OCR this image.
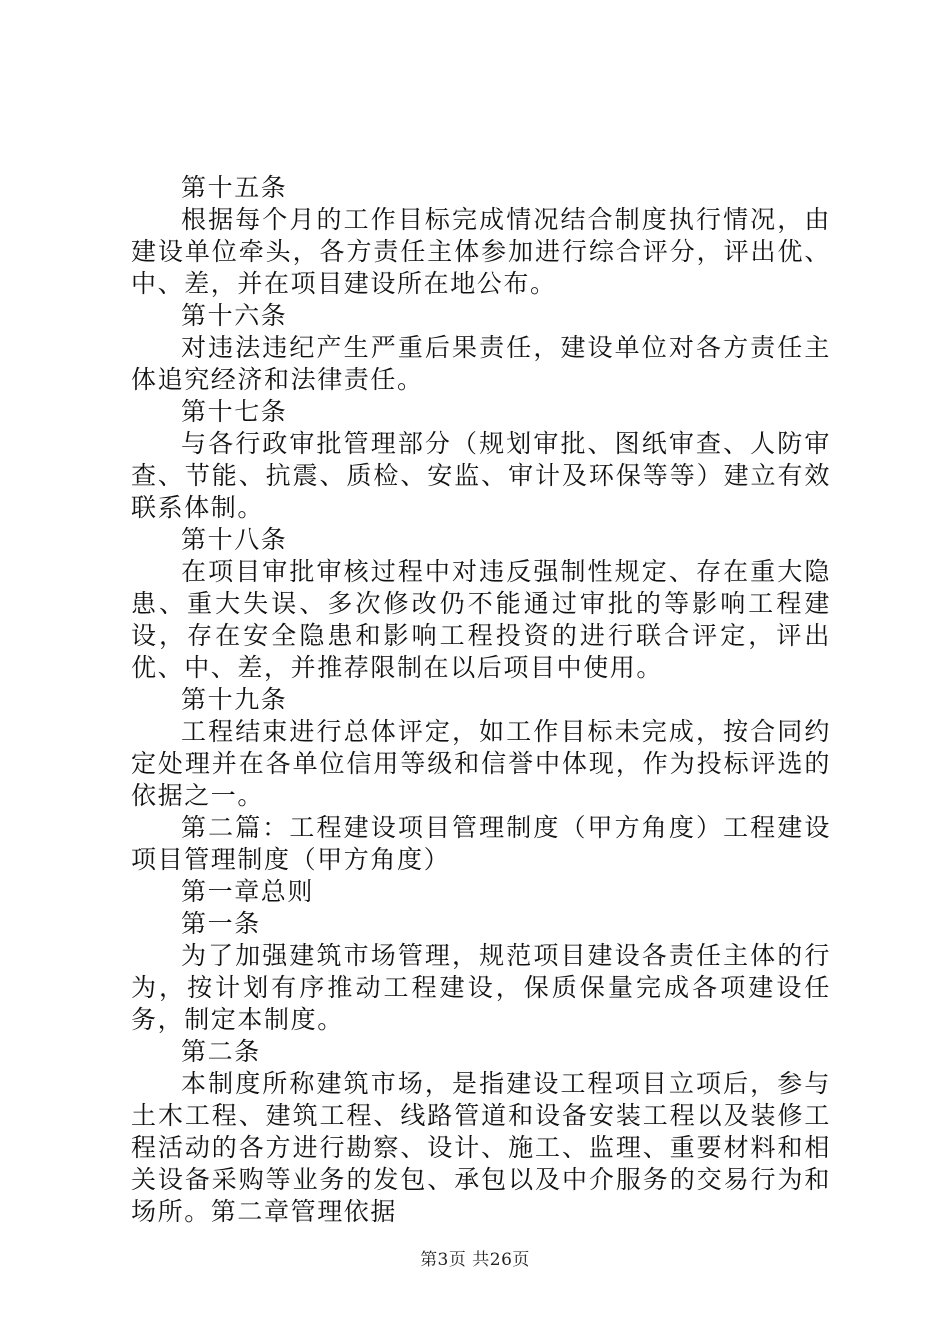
第十五条

根据每个月的工作目标完成情况结合制度执行情况，由建设单位牵头，各方责任主体参加进行综合评分，评出优、中、差，并在项目建设所在地公布。

第十六条

对违法违纪产生严重后果责任，建设单位对各方责任主体追究经济和法律责任。

第十七条

与各行政审批管理部分（规划审批、图纸审查、人防审查、节能、抗震、质检、安监、审计及环保等等）建立有效联系体制。

第十八条

在项目审批审核过程中对违反强制性规定、存在重大隐患、重大失误、多次修改仍不能通过审批的等影响工程建设，存在安全隐患和影响工程投资的进行联合评定，评出优、中、差，并推荐限制在以后项目中使用。

第十九条

工程结束进行总体评定，如工作目标未完成，按合同约定处理并在各单位信用等级和信誉中体现，作为投标评选的依据之一。

第二篇：工程建设项目管理制度（甲方角度）工程建设项目管理制度（甲方角度）

第一章总则

第一条

为了加强建筑市场管理，规范项目建设各责任主体的行为，按计划有序推动工程建设，保质保量完成各项建设任务，制定本制度。

第二条

本制度所称建筑市场，是指建设工程项目立项后，参与土木工程、建筑工程、线路管道和设备安装工程以及装修工程活动的各方进行勘察、设计、施工、监理、重要材料和相关设备采购等业务的发包、承包以及中介服务的交易行为和场所。第二章管理依据

第3页 共26页
